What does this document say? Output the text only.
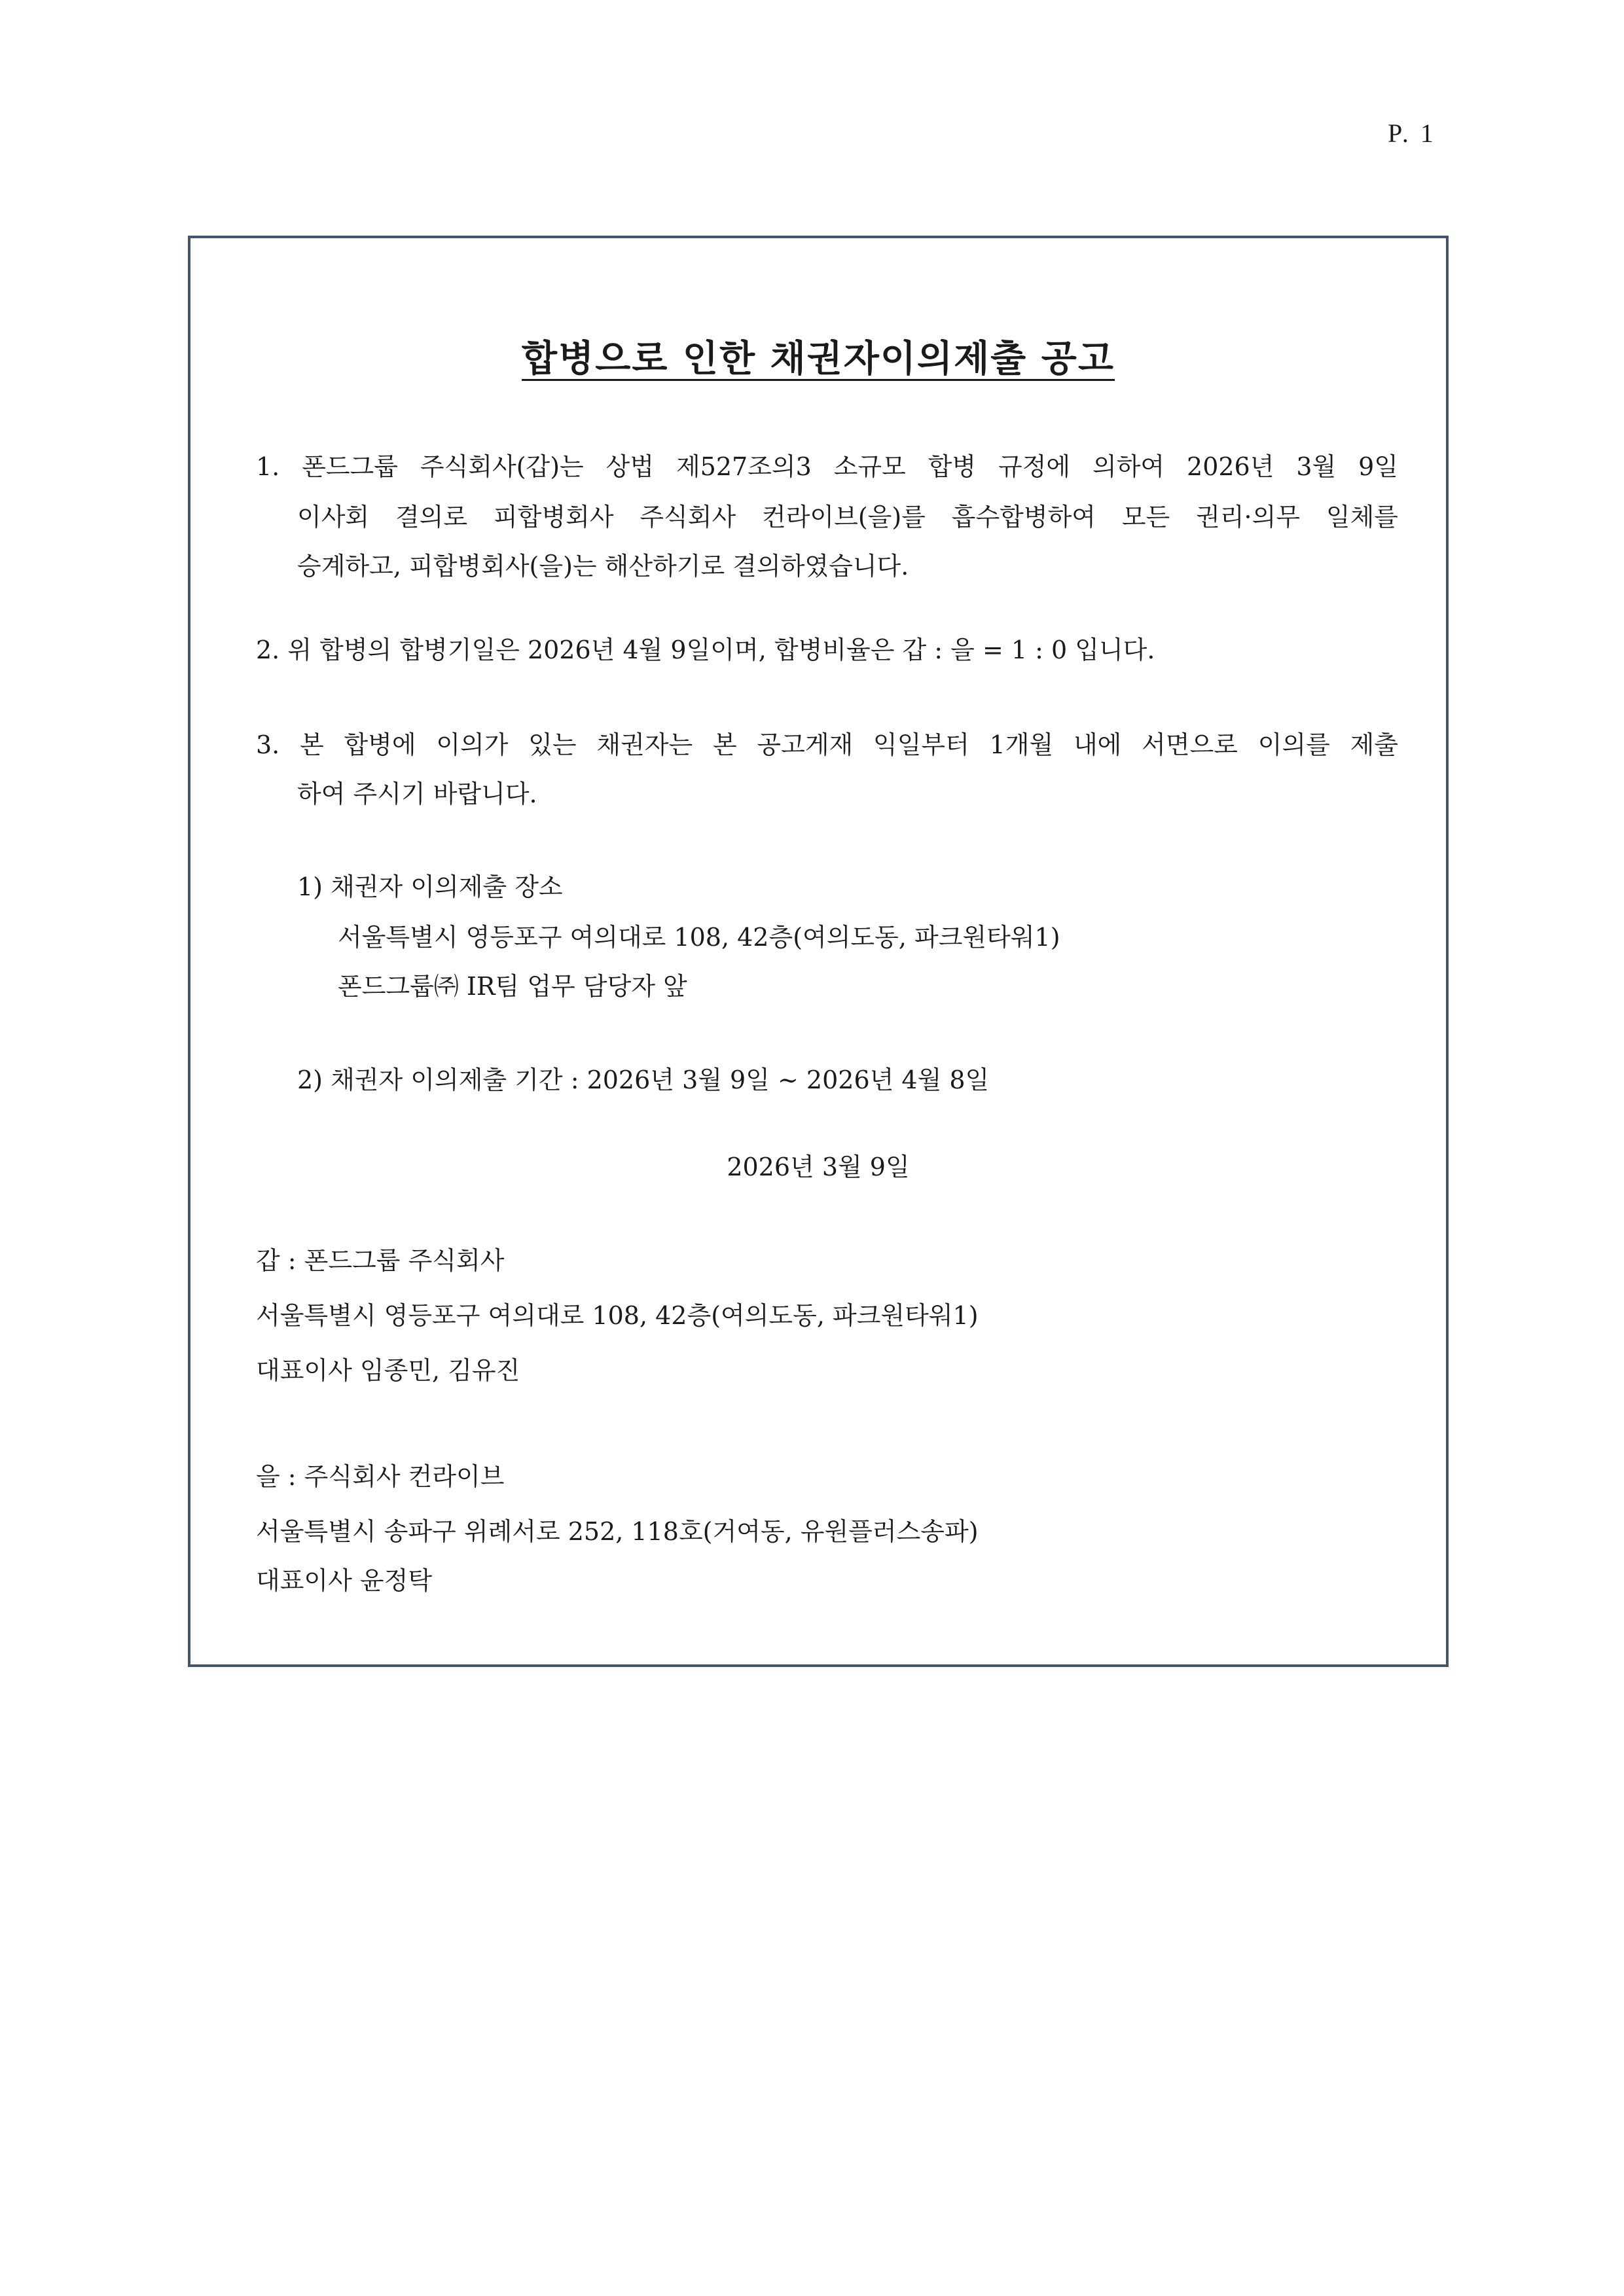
P. 1
합병으로 인한 채권자이의제출 공고
1. 폰드그룹 주식회사(갑)는 상법 제527조의3 소규모 합병 규정에 의하여 2026년 3월 9일
이사회 결의로 피합병회사 주식회사 컨라이브(을)를 흡수합병하여 모든 권리·의무 일체를
승계하고, 피합병회사(을)는 해산하기로 결의하였습니다.
2. 위 합병의 합병기일은 2026년 4월 9일이며, 합병비율은 갑 : 을 = 1 : 0 입니다.
3. 본 합병에 이의가 있는 채권자는 본 공고게재 익일부터 1개월 내에 서면으로 이의를 제출
하여 주시기 바랍니다.
1) 채권자 이의제출 장소
서울특별시 영등포구 여의대로 108, 42층(여의도동, 파크원타워1)
폰드그룹㈜ IR팀 업무 담당자 앞
2) 채권자 이의제출 기간 : 2026년 3월 9일 ~ 2026년 4월 8일
2026년 3월 9일
갑 : 폰드그룹 주식회사
서울특별시 영등포구 여의대로 108, 42층(여의도동, 파크원타워1)
대표이사 임종민, 김유진
을 : 주식회사 컨라이브
서울특별시 송파구 위례서로 252, 118호(거여동, 유원플러스송파)
대표이사 윤정탁
